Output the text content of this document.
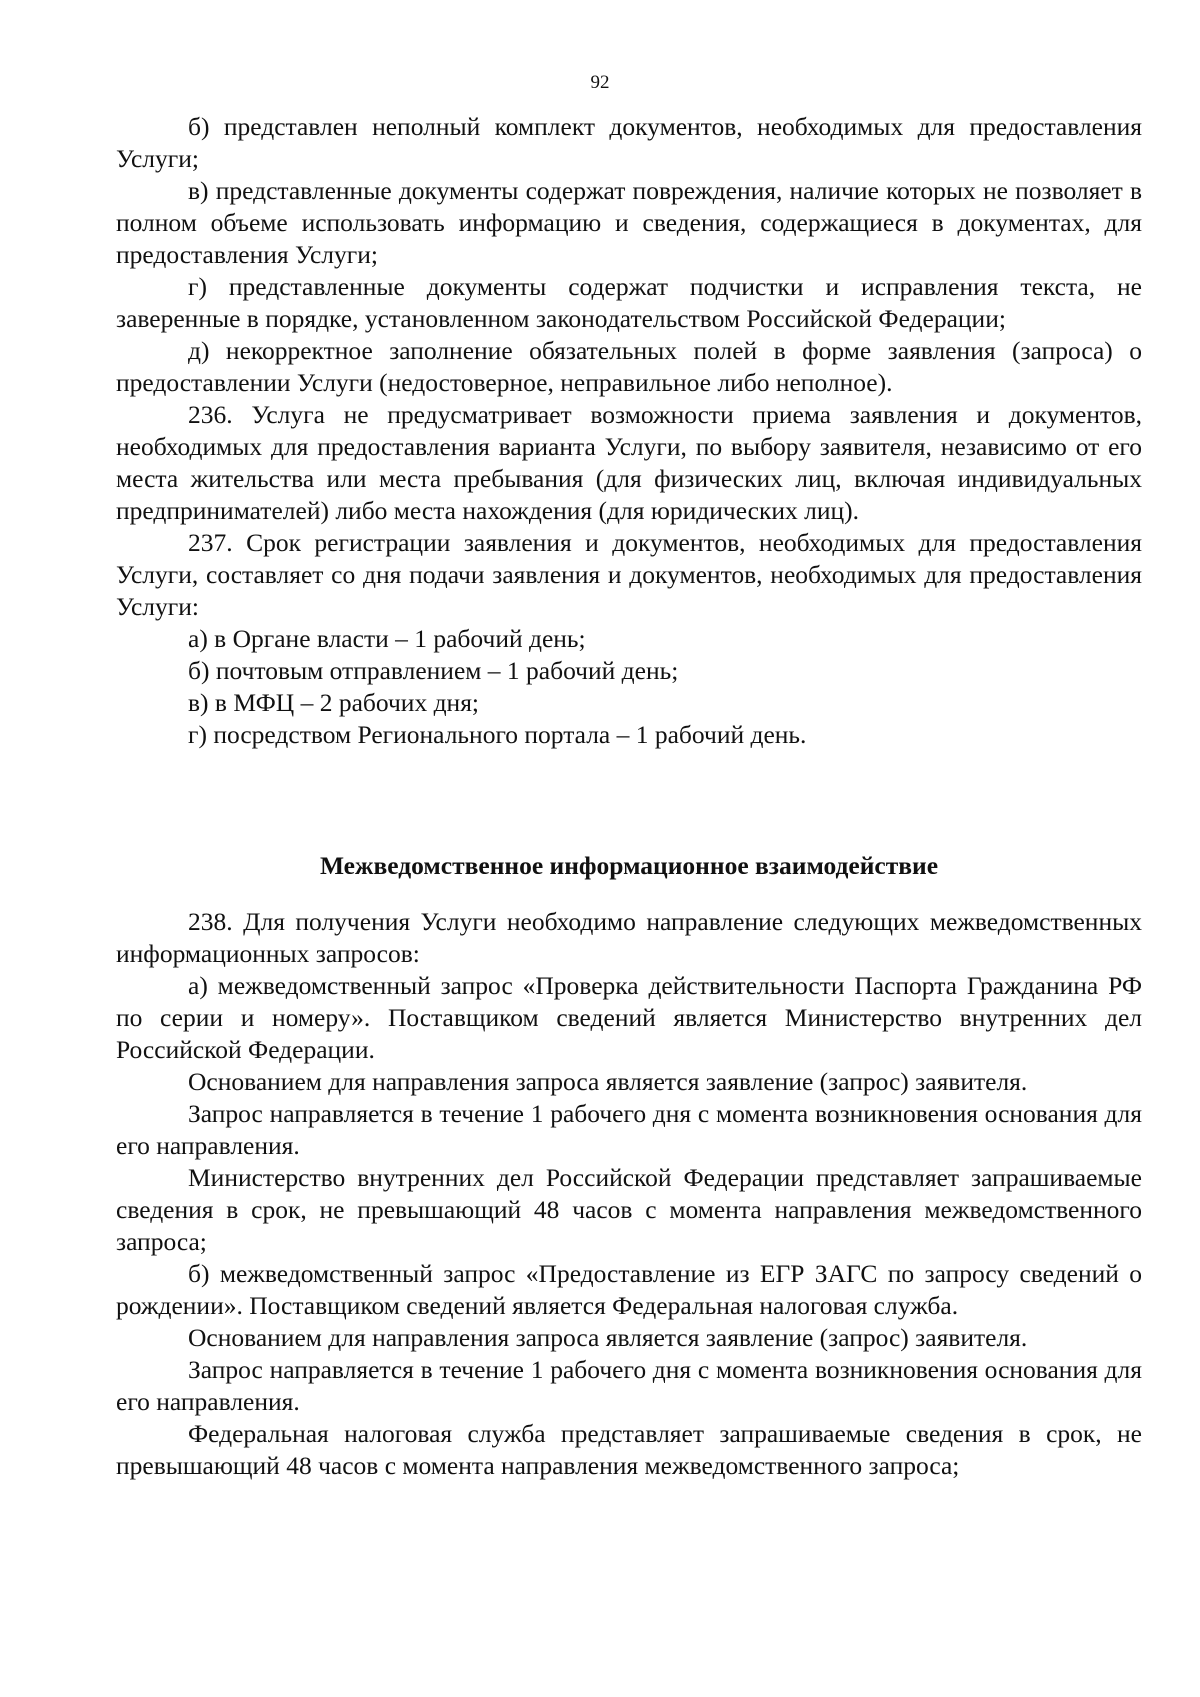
92

б) представлен неполный комплект документов, необходимых для предоставления Услуги;

в) представленные документы содержат повреждения, наличие которых не позволяет в полном объеме использовать информацию и сведения, содержащиеся в документах, для предоставления Услуги;

г) представленные документы содержат подчистки и исправления текста, не заверенные в порядке, установленном законодательством Российской Федерации;

д) некорректное заполнение обязательных полей в форме заявления (запроса) о предоставлении Услуги (недостоверное, неправильное либо неполное).

236. Услуга не предусматривает возможности приема заявления и документов, необходимых для предоставления варианта Услуги, по выбору заявителя, независимо от его места жительства или места пребывания (для физических лиц, включая индивидуальных предпринимателей) либо места нахождения (для юридических лиц).

237. Срок регистрации заявления и документов, необходимых для предоставления Услуги, составляет со дня подачи заявления и документов, необходимых для предоставления Услуги:

а) в Органе власти – 1 рабочий день;

б) почтовым отправлением – 1 рабочий день;

в) в МФЦ – 2 рабочих дня;

г) посредством Регионального портала – 1 рабочий день.

Межведомственное информационное взаимодействие

238. Для получения Услуги необходимо направление следующих межведомственных информационных запросов:

а) межведомственный запрос «Проверка действительности Паспорта Гражданина РФ по серии и номеру». Поставщиком сведений является Министерство внутренних дел Российской Федерации.

Основанием для направления запроса является заявление (запрос) заявителя.

Запрос направляется в течение 1 рабочего дня с момента возникновения основания для его направления.

Министерство внутренних дел Российской Федерации представляет запрашиваемые сведения в срок, не превышающий 48 часов с момента направления межведомственного запроса;

б) межведомственный запрос «Предоставление из ЕГР ЗАГС по запросу сведений о рождении». Поставщиком сведений является Федеральная налоговая служба.

Основанием для направления запроса является заявление (запрос) заявителя.

Запрос направляется в течение 1 рабочего дня с момента возникновения основания для его направления.

Федеральная налоговая служба представляет запрашиваемые сведения в срок, не превышающий 48 часов с момента направления межведомственного запроса;
